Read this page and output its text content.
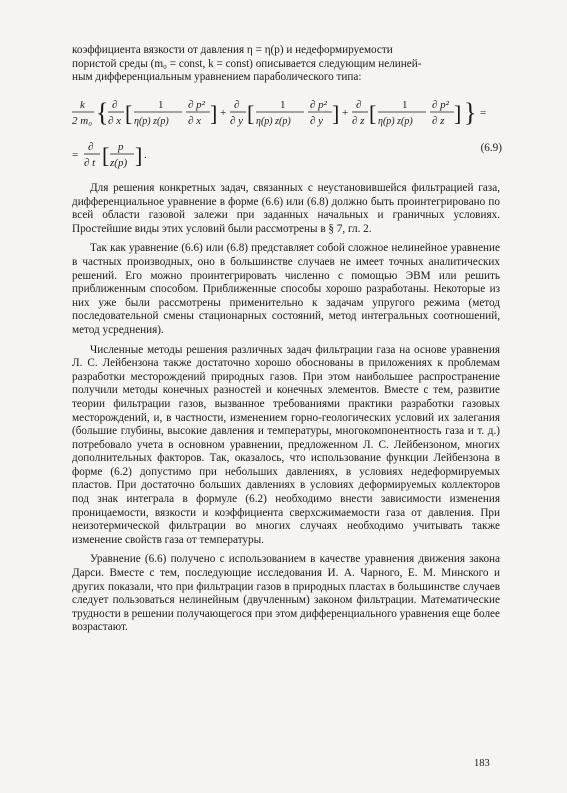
коэффициента вязкости от давления η = η(p) и недеформируемости

пористой среды (m₀ = const, k = const) описывается следующим нелиней-

ным дифференциальным уравнением параболического типа:

k
2 m₀ { ∂
∂ x [ 1
η(p) z(p)
∂ p²
∂ x ] +
∂
∂ y [ 1
η(p) z(p)
∂ p²
∂ y ] +
∂
∂ z [ 1
η(p) z(p)
∂ p²
∂ z ] } =
=
∂
∂ t [ p
z(p) ] .
(6.9)

Для решения конкретных задач, связанных с неустановившейся фильтрацией газа, дифференциальное уравнение в форме (6.6) или (6.8) должно быть проинтегрировано по всей области газовой залежи при заданных начальных и граничных условиях. Простейшие виды этих условий были рассмотрены в § 7, гл. 2.

Так как уравнение (6.6) или (6.8) представляет собой сложное нелинейное уравнение в частных производных, оно в большинстве случаев не имеет точных аналитических решений. Его можно проинтегрировать численно с помощью ЭВМ или решить приближенным способом. Приближенные способы хорошо разработаны. Некоторые из них уже были рассмотрены применительно к задачам упругого режима (метод последовательной смены стационарных состояний, метод интегральных соотношений, метод усреднения).

Численные методы решения различных задач фильтрации газа на основе уравнения Л. С. Лейбензона также достаточно хорошо обоснованы в приложениях к проблемам разработки месторождений природных газов. При этом наибольшее распространение получили методы конечных разностей и конечных элементов. Вместе с тем, развитие теории фильтрации газов, вызванное требованиями практики разработки газовых месторождений, и, в частности, изменением горно-геологических условий их залегания (большие глубины, высокие давления и температуры, многокомпонентность газа и т. д.) потребовало учета в основном уравнении, предложенном Л. С. Лейбензоном, многих дополнительных факторов. Так, оказалось, что использование функции Лейбензона в форме (6.2) допустимо при небольших давлениях, в условиях недеформируемых пластов. При достаточно больших давлениях в условиях деформируемых коллекторов под знак интеграла в формуле (6.2) необходимо внести зависимости изменения проницаемости, вязкости и коэффициента сверхсжимаемости газа от давления. При неизотермической фильтрации во многих случаях необходимо учитывать также изменение свойств газа от температуры.

Уравнение (6.6) получено с использованием в качестве уравнения движения закона Дарси. Вместе с тем, последующие исследования И. А. Чарного, Е. М. Минского и других показали, что при фильтрации газов в природных пластах в большинстве случаев следует пользоваться нелинейным (двучленным) законом фильтрации. Математические трудности в решении получающегося при этом дифференциального уравнения еще более возрастают.

183
